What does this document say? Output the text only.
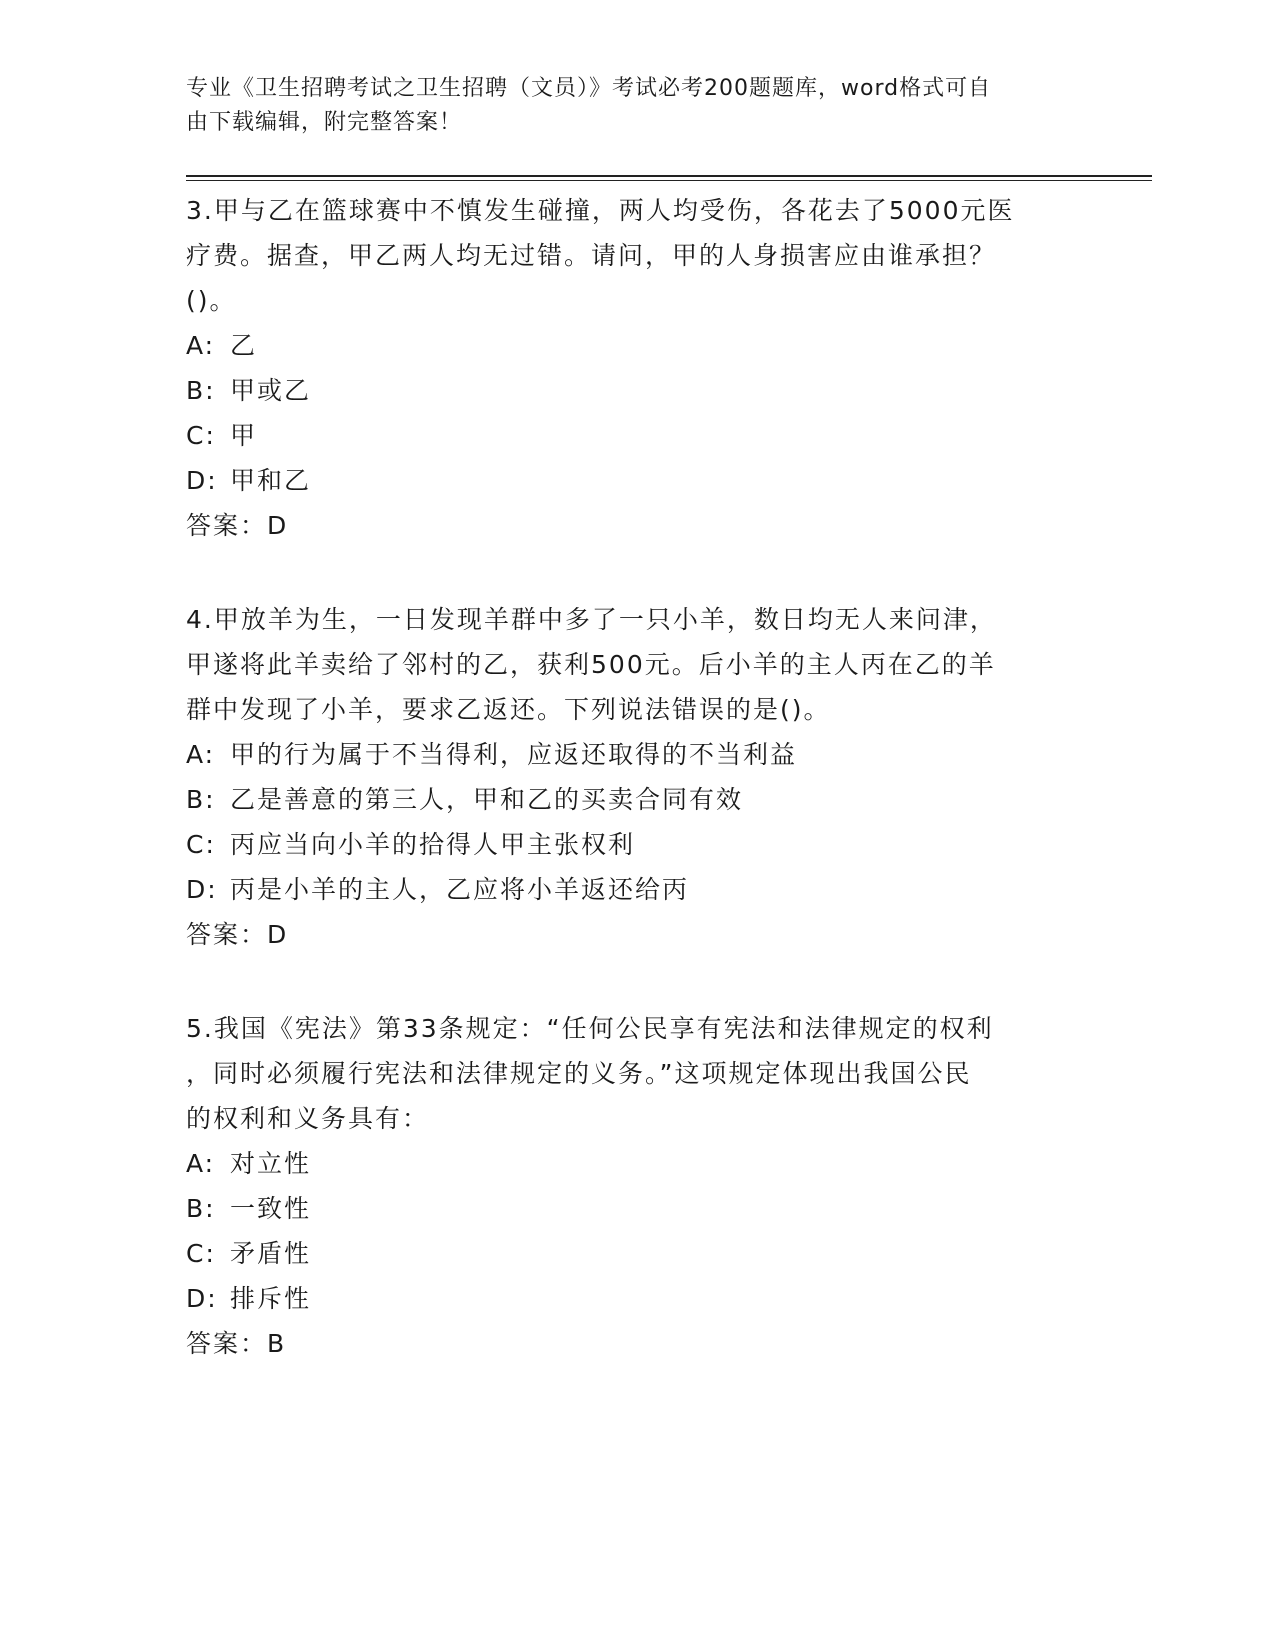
专业《卫生招聘考试之卫生招聘（文员）》考试必考200题题库，word格式可自
由下载编辑，附完整答案！
3.甲与乙在篮球赛中不慎发生碰撞，两人均受伤，各花去了5000元医
疗费。据查，甲乙两人均无过错。请问，甲的人身损害应由谁承担？
()。
A: 乙
B: 甲或乙
C: 甲
D: 甲和乙
答案：D
4.甲放羊为生，一日发现羊群中多了一只小羊，数日均无人来问津，
甲遂将此羊卖给了邻村的乙，获利500元。后小羊的主人丙在乙的羊
群中发现了小羊，要求乙返还。下列说法错误的是()。
A: 甲的行为属于不当得利，应返还取得的不当利益
B: 乙是善意的第三人，甲和乙的买卖合同有效
C: 丙应当向小羊的拾得人甲主张权利
D: 丙是小羊的主人，乙应将小羊返还给丙
答案：D
5.我国《宪法》第33条规定：“任何公民享有宪法和法律规定的权利
，同时必须履行宪法和法律规定的义务。”这项规定体现出我国公民
的权利和义务具有：
A: 对立性
B: 一致性
C: 矛盾性
D: 排斥性
答案：B
